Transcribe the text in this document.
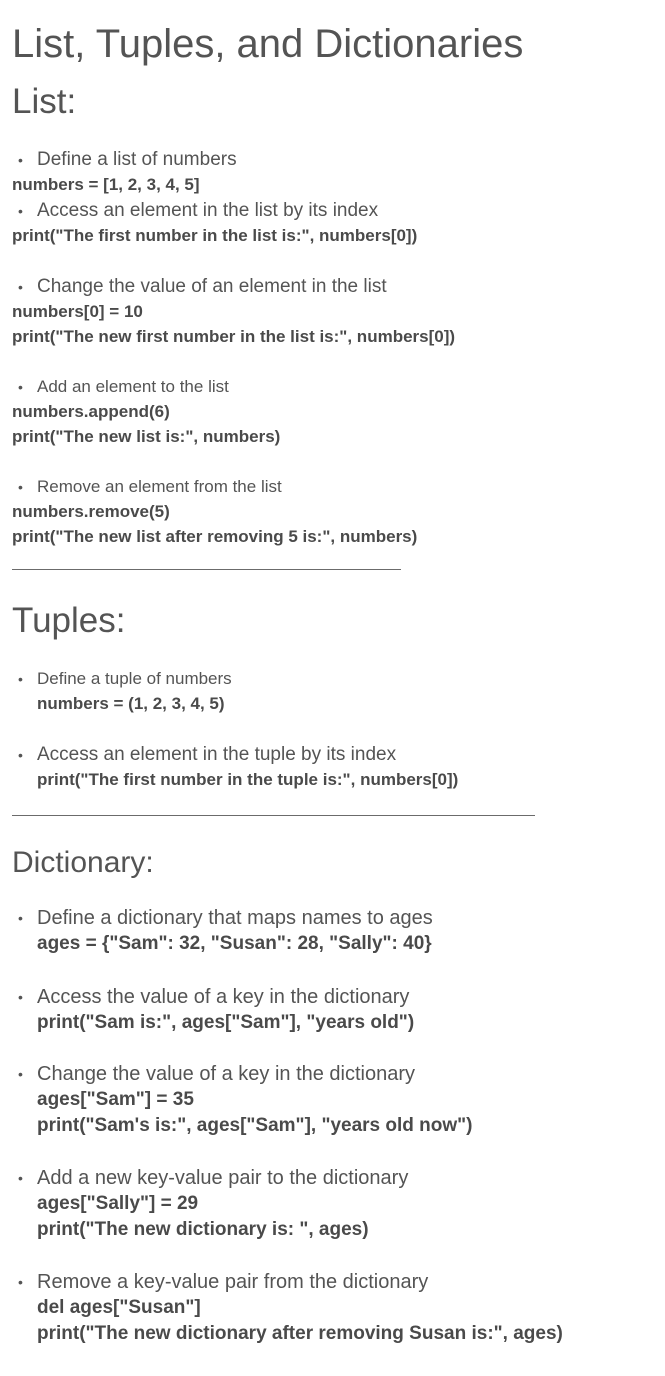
List, Tuples, and Dictionaries
List:
• Define a list of numbers
numbers = [1, 2, 3, 4, 5]
• Access an element in the list by its index
print("The first number in the list is:", numbers[0])
• Change the value of an element in the list
numbers[0] = 10
print("The new first number in the list is:", numbers[0])
• Add an element to the list
numbers.append(6)
print("The new list is:", numbers)
• Remove an element from the list
numbers.remove(5)
print("The new list after removing 5 is:", numbers)
Tuples:
• Define a tuple of numbers
numbers = (1, 2, 3, 4, 5)
• Access an element in the tuple by its index
print("The first number in the tuple is:", numbers[0])
Dictionary:
• Define a dictionary that maps names to ages
ages = {"Sam": 32, "Susan": 28, "Sally": 40}
• Access the value of a key in the dictionary
print("Sam is:", ages["Sam"], "years old")
• Change the value of a key in the dictionary
ages["Sam"] = 35
print("Sam's is:", ages["Sam"], "years old now")
• Add a new key-value pair to the dictionary
ages["Sally"] = 29
print("The new dictionary is: ", ages)
• Remove a key-value pair from the dictionary
del ages["Susan"]
print("The new dictionary after removing Susan is:", ages)
